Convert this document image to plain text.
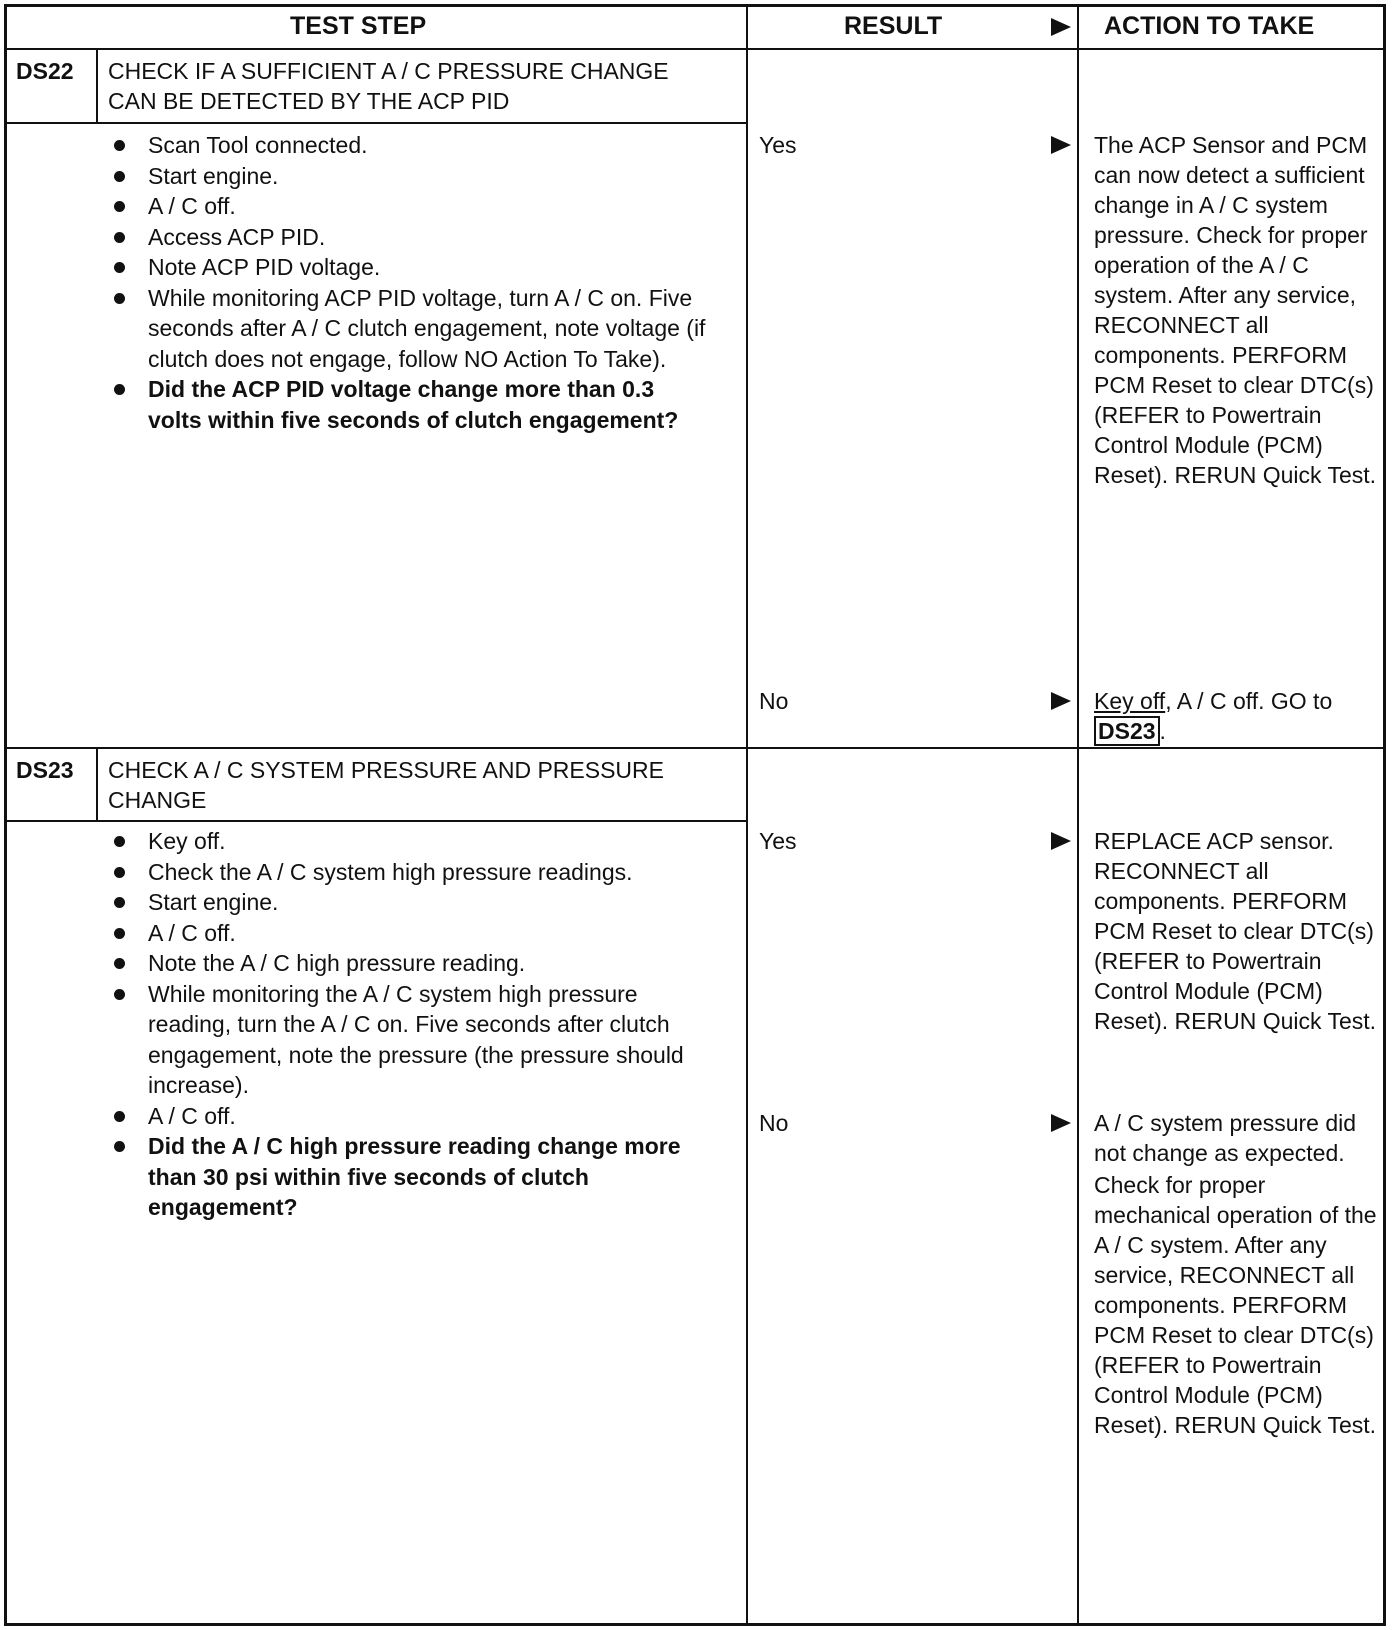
TEST STEP	RESULT	ACTION TO TAKE
DS22 CHECK IF A SUFFICIENT A / C PRESSURE CHANGE CAN BE DETECTED BY THE ACP PID
Scan Tool connected.
Start engine.
A / C off.
Access ACP PID.
Note ACP PID voltage.
While monitoring ACP PID voltage, turn A / C on. Five seconds after A / C clutch engagement, note voltage (if clutch does not engage, follow NO Action To Take).
Did the ACP PID voltage change more than 0.3 volts within five seconds of clutch engagement?
Yes	The ACP Sensor and PCM can now detect a sufficient change in A / C system pressure. Check for proper operation of the A / C system. After any service, RECONNECT all components. PERFORM PCM Reset to clear DTC(s) (REFER to Powertrain Control Module (PCM) Reset). RERUN Quick Test.

No	Key off, A / C off. GO to DS23 .

DS23 CHECK A / C SYSTEM PRESSURE AND PRESSURE CHANGE
Key off.
Check the A / C system high pressure readings.
Start engine.
A / C off.
Note the A / C high pressure reading.
While monitoring the A / C system high pressure reading, turn the A / C on. Five seconds after clutch engagement, note the pressure (the pressure should increase).
A / C off.
Did the A / C high pressure reading change more than 30 psi within five seconds of clutch engagement?
Yes	REPLACE ACP sensor. RECONNECT all components. PERFORM PCM Reset to clear DTC(s) (REFER to Powertrain Control Module (PCM) Reset). RERUN Quick Test.

No	A / C system pressure did not change as expected.

Check for proper mechanical operation of the A / C system. After any service, RECONNECT all components. PERFORM PCM Reset to clear DTC(s) (REFER to Powertrain Control Module (PCM) Reset). RERUN Quick Test.
